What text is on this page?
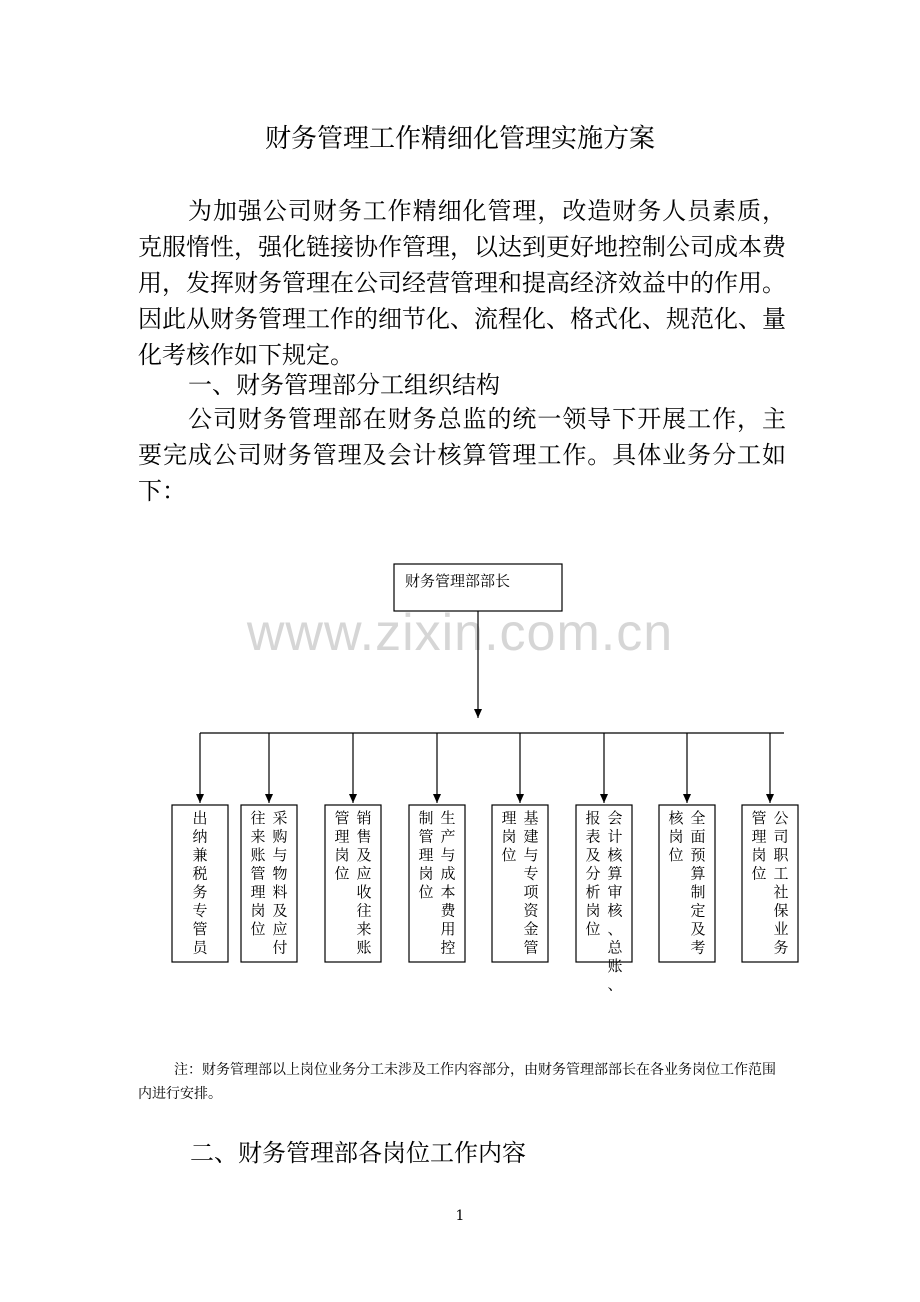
财务管理工作精细化管理实施方案

为加强公司财务工作精细化管理，改造财务人员素质，克服惰性，强化链接协作管理，以达到更好地控制公司成本费用，发挥财务管理在公司经营管理和提高经济效益中的作用。因此从财务管理工作的细节化、流程化、格式化、规范化、量化考核作如下规定。

一、财务管理部分工组织结构

公司财务管理部在财务总监的统一领导下开展工作，主要完成公司财务管理及会计核算管理工作。具体业务分工如下：

www.zixin.com.cn
财务管理部部长
出纳兼税务专管员
采购与物料及应付
往来账管理岗位
销售及应收往来账
管理岗位
生产与成本费用控
制管理岗位
基建与专项资金管
理岗位
会计核算审核、总账、
报表及分析岗位
全面预算制定及考
核岗位
公司职工社保业务
管理岗位

注：财务管理部以上岗位业务分工未涉及工作内容部分，由财务管理部部长在各业务岗位工作范围内进行安排。

二、财务管理部各岗位工作内容
1
